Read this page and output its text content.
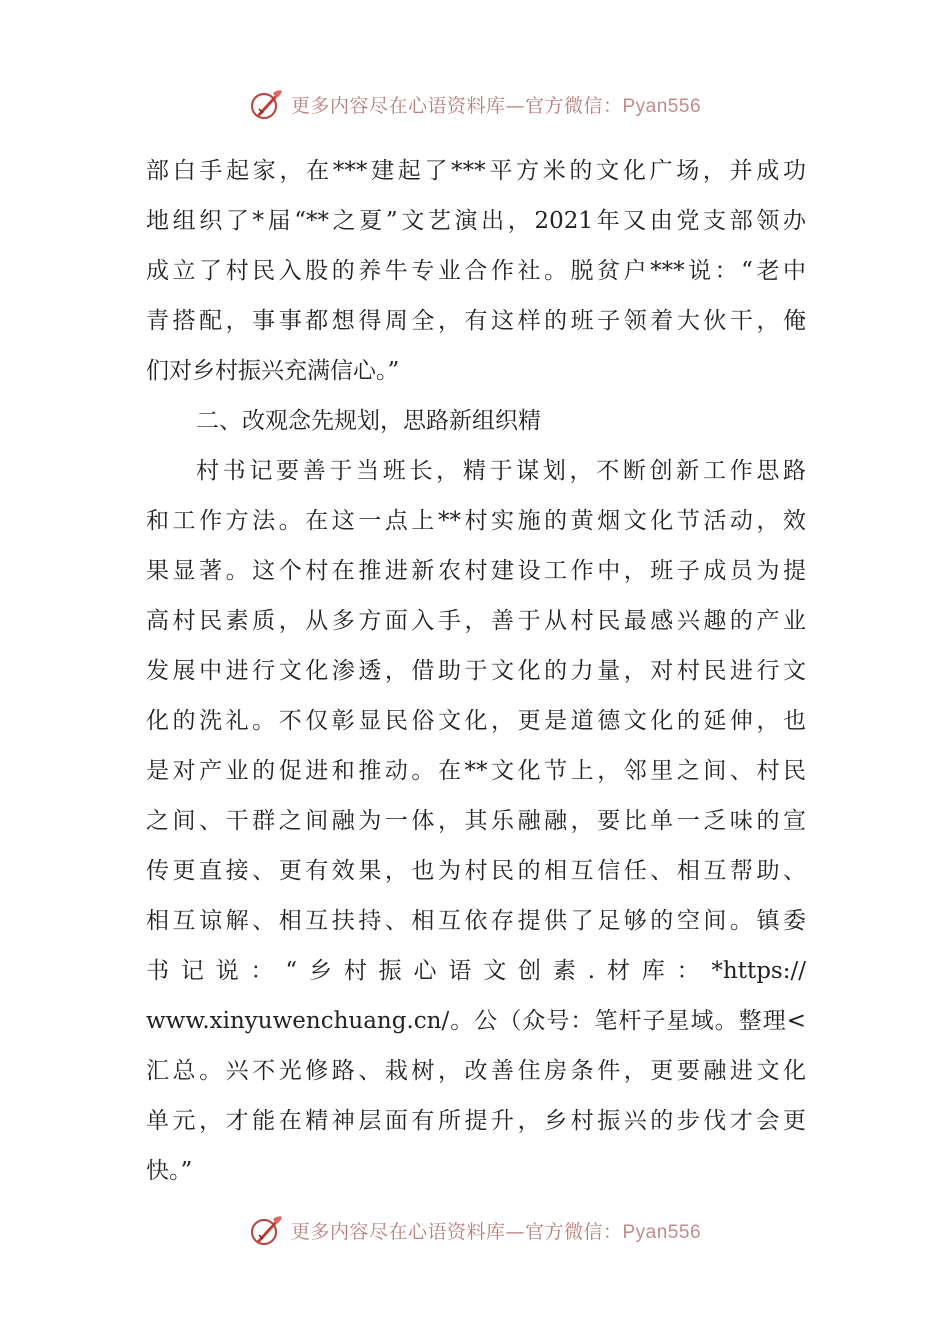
更多内容尽在心语资料库—官方微信：Pyan556
部白手起家，在***建起了***平方米的文化广场，并成功
地组织了*届“**之夏”文艺演出，2021年又由党支部领办
成立了村民入股的养牛专业合作社。脱贫户***说：“老中
青搭配，事事都想得周全，有这样的班子领着大伙干，俺
们对乡村振兴充满信心。”
二、改观念先规划，思路新组织精
村书记要善于当班长，精于谋划，不断创新工作思路
和工作方法。在这一点上**村实施的黄烟文化节活动，效
果显著。这个村在推进新农村建设工作中，班子成员为提
高村民素质，从多方面入手，善于从村民最感兴趣的产业
发展中进行文化渗透，借助于文化的力量，对村民进行文
化的洗礼。不仅彰显民俗文化，更是道德文化的延伸，也
是对产业的促进和推动。在**文化节上，邻里之间、村民
之间、干群之间融为一体，其乐融融，要比单一乏味的宣
传更直接、更有效果，也为村民的相互信任、相互帮助、
相互谅解、相互扶持、相互依存提供了足够的空间。镇委
书记说：“乡村振心语文创素.材库：*https://
www.xinyuwenchuang.cn/。公（众号：笔杆子星域。整理<
汇总。兴不光修路、栽树，改善住房条件，更要融进文化
单元，才能在精神层面有所提升，乡村振兴的步伐才会更
快。”
更多内容尽在心语资料库—官方微信：Pyan556
